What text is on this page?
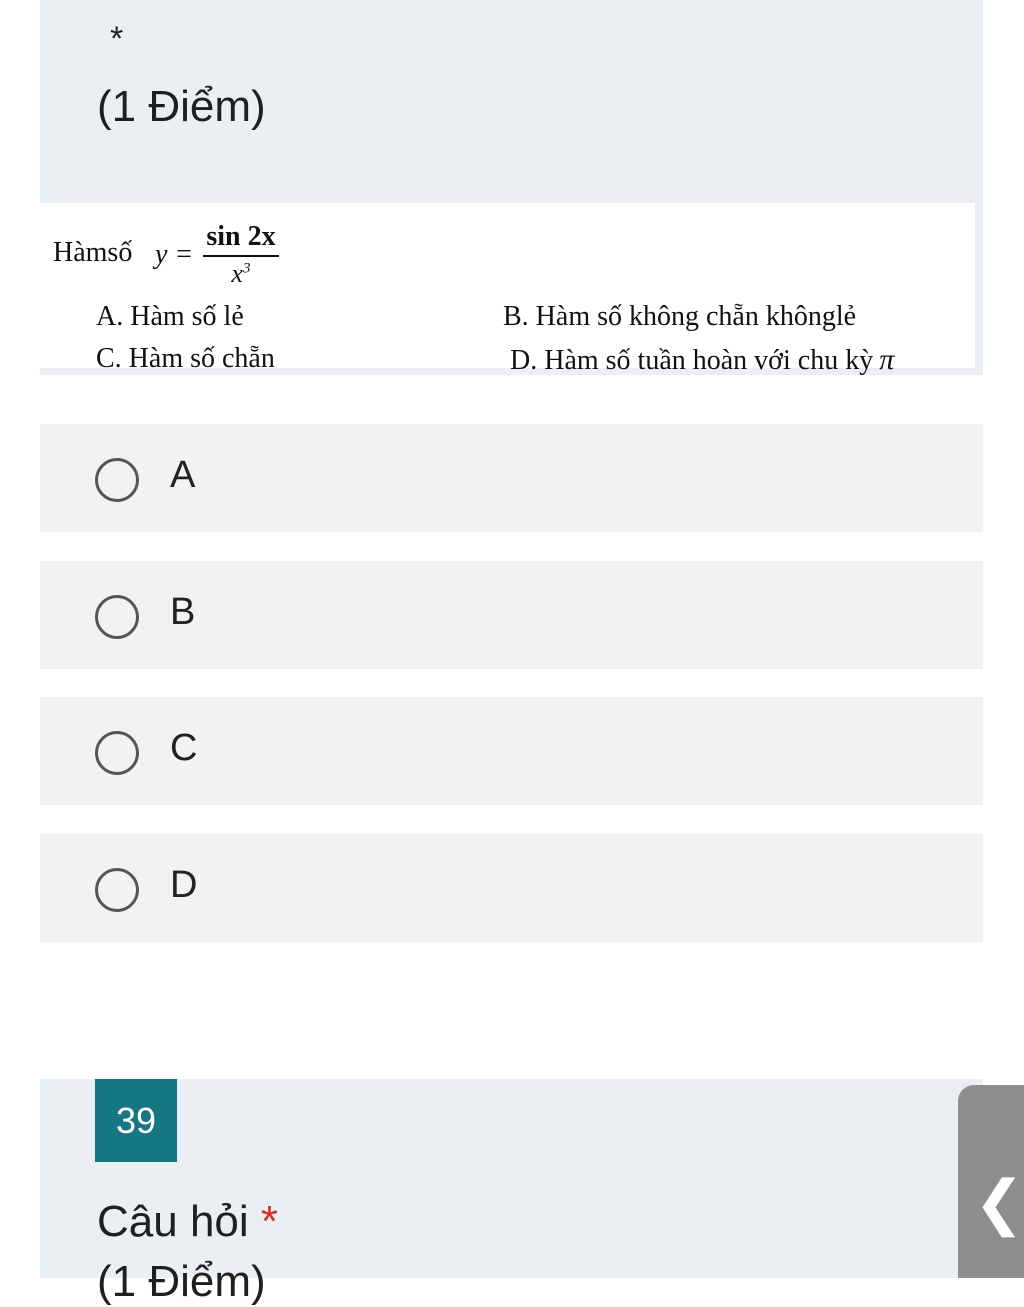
*
(1 Điểm)
Hàmsố $y = \frac{\sin 2x}{x^3}$
A. Hàm số lẻ	B. Hàm số không chẵn khônglẻ
C. Hàm số chẵn	D. Hàm số tuần hoàn với chu kỳ π
A
B
C
D
39
Câu hỏi *
(1 Điểm)
❮
